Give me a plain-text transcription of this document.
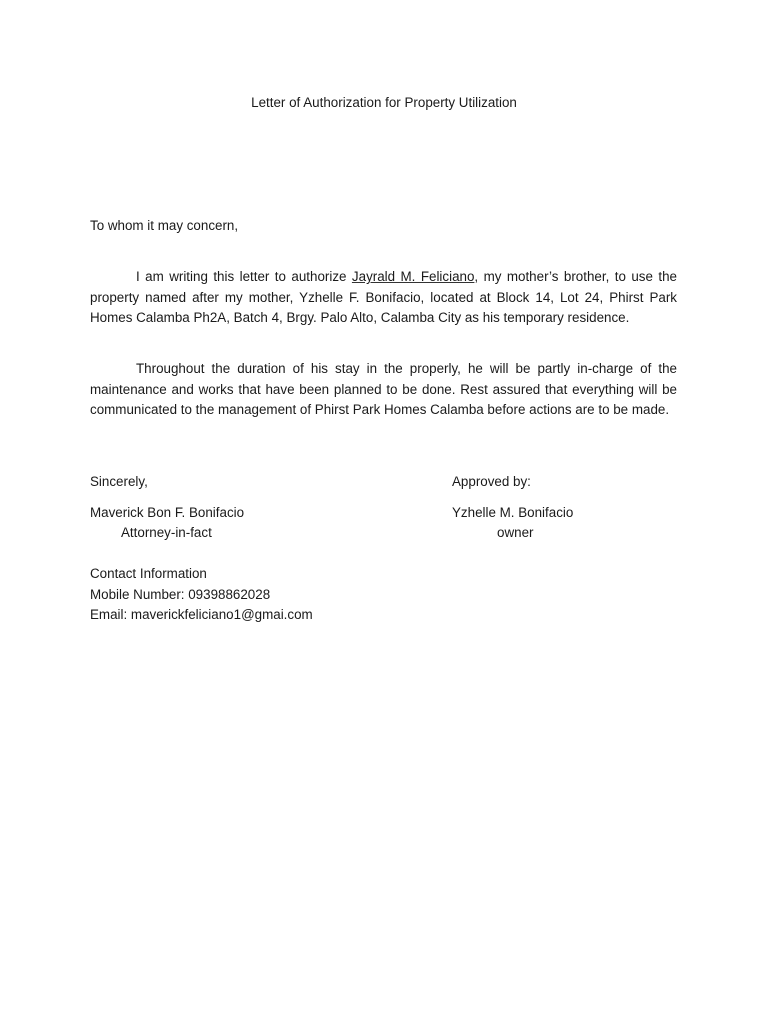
Letter of Authorization for Property Utilization
To whom it may concern,

I am writing this letter to authorize Jayrald M. Feliciano, my mother’s brother, to use the property named after my mother, Yzhelle F. Bonifacio, located at Block 14, Lot 24, Phirst Park Homes Calamba Ph2A, Batch 4, Brgy. Palo Alto, Calamba City as his temporary residence.

Throughout the duration of his stay in the properly, he will be partly in-charge of the maintenance and works that have been planned to be done. Rest assured that everything will be communicated to the management of Phirst Park Homes Calamba before actions are to be made.

Sincerely,
Maverick Bon F. Bonifacio
Attorney-in-fact
Approved by:
Yzhelle M. Bonifacio
owner
Contact Information
Mobile Number: 09398862028
Email: maverickfeliciano1@gmai.com
